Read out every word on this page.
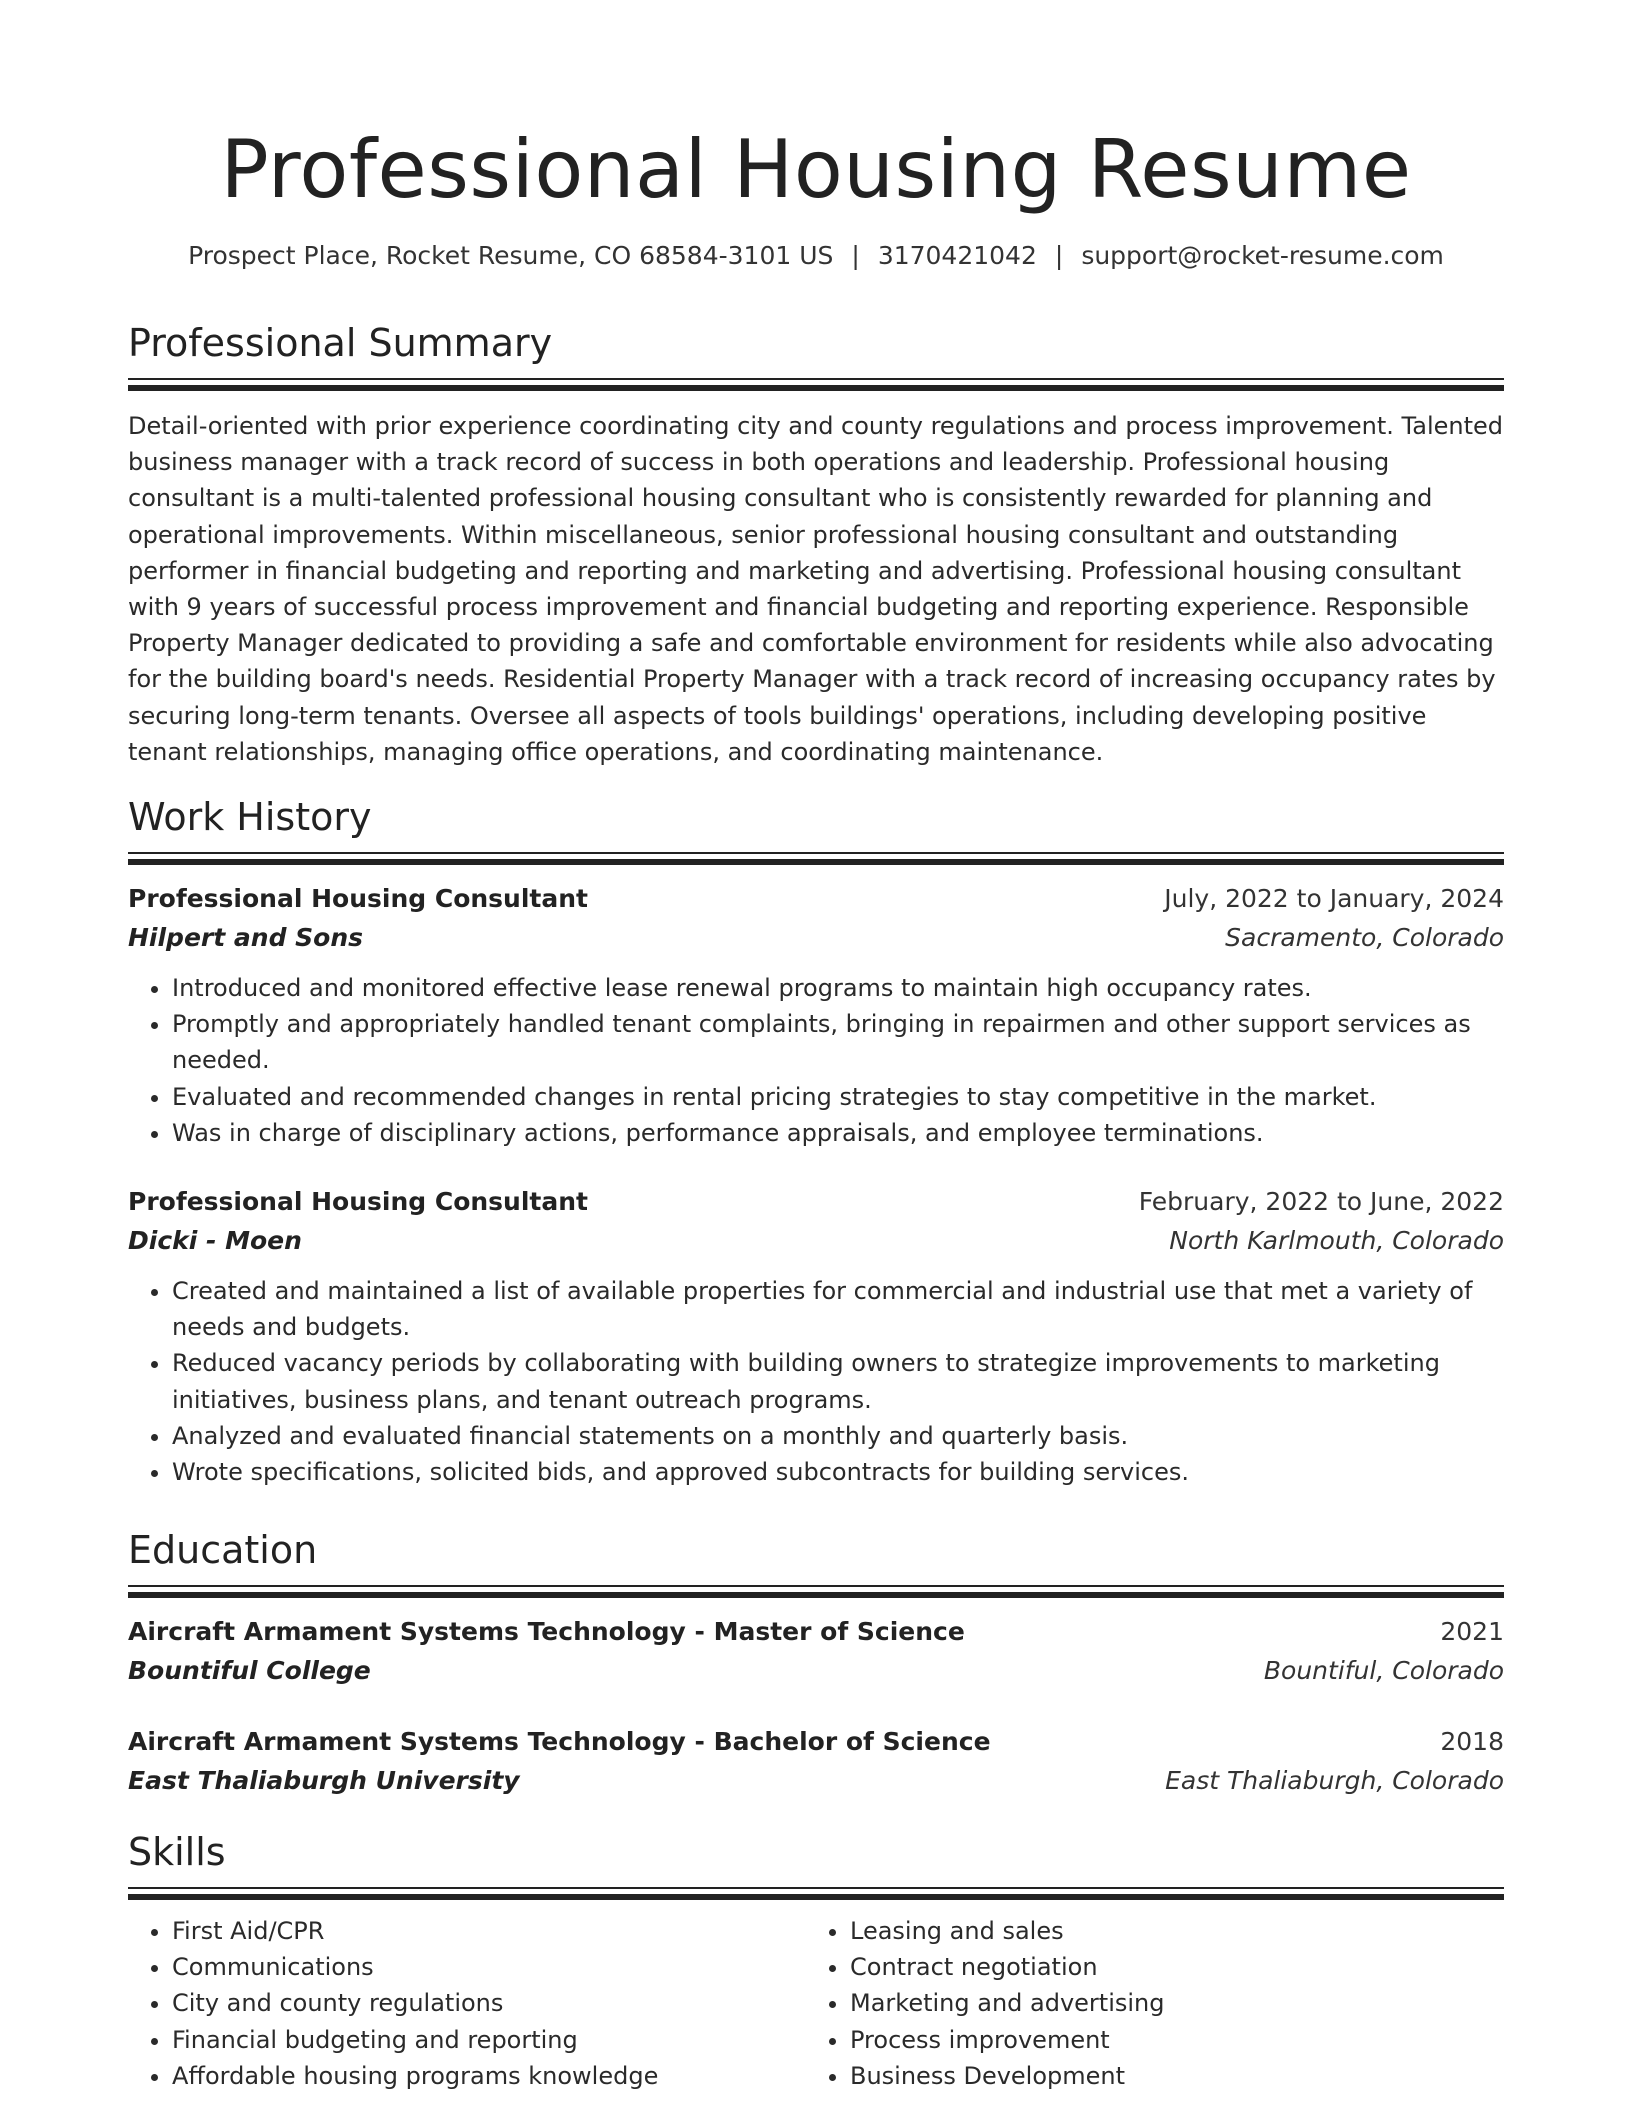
Professional Housing Resume
Prospect Place, Rocket Resume, CO 68584-3101 US | 3170421042 | support@rocket-resume.com
Professional Summary
Detail-oriented with prior experience coordinating city and county regulations and process improvement. Talented business manager with a track record of success in both operations and leadership. Professional housing consultant is a multi-talented professional housing consultant who is consistently rewarded for planning and operational improvements. Within miscellaneous, senior professional housing consultant and outstanding performer in financial budgeting and reporting and marketing and advertising. Professional housing consultant with 9 years of successful process improvement and financial budgeting and reporting experience. Responsible Property Manager dedicated to providing a safe and comfortable environment for residents while also advocating for the building board's needs. Residential Property Manager with a track record of increasing occupancy rates by securing long-term tenants. Oversee all aspects of tools buildings' operations, including developing positive tenant relationships, managing office operations, and coordinating maintenance.
Work History
Professional Housing Consultant	July, 2022 to January, 2024
Hilpert and Sons	Sacramento, Colorado
• Introduced and monitored effective lease renewal programs to maintain high occupancy rates.
• Promptly and appropriately handled tenant complaints, bringing in repairmen and other support services as needed.
• Evaluated and recommended changes in rental pricing strategies to stay competitive in the market.
• Was in charge of disciplinary actions, performance appraisals, and employee terminations.
Professional Housing Consultant	February, 2022 to June, 2022
Dicki - Moen	North Karlmouth, Colorado
• Created and maintained a list of available properties for commercial and industrial use that met a variety of needs and budgets.
• Reduced vacancy periods by collaborating with building owners to strategize improvements to marketing initiatives, business plans, and tenant outreach programs.
• Analyzed and evaluated financial statements on a monthly and quarterly basis.
• Wrote specifications, solicited bids, and approved subcontracts for building services.
Education
Aircraft Armament Systems Technology - Master of Science	2021
Bountiful College	Bountiful, Colorado
Aircraft Armament Systems Technology - Bachelor of Science	2018
East Thaliaburgh University	East Thaliaburgh, Colorado
Skills
• First Aid/CPR
• Communications
• City and county regulations
• Financial budgeting and reporting
• Affordable housing programs knowledge
• Leasing and sales
• Contract negotiation
• Marketing and advertising
• Process improvement
• Business Development
